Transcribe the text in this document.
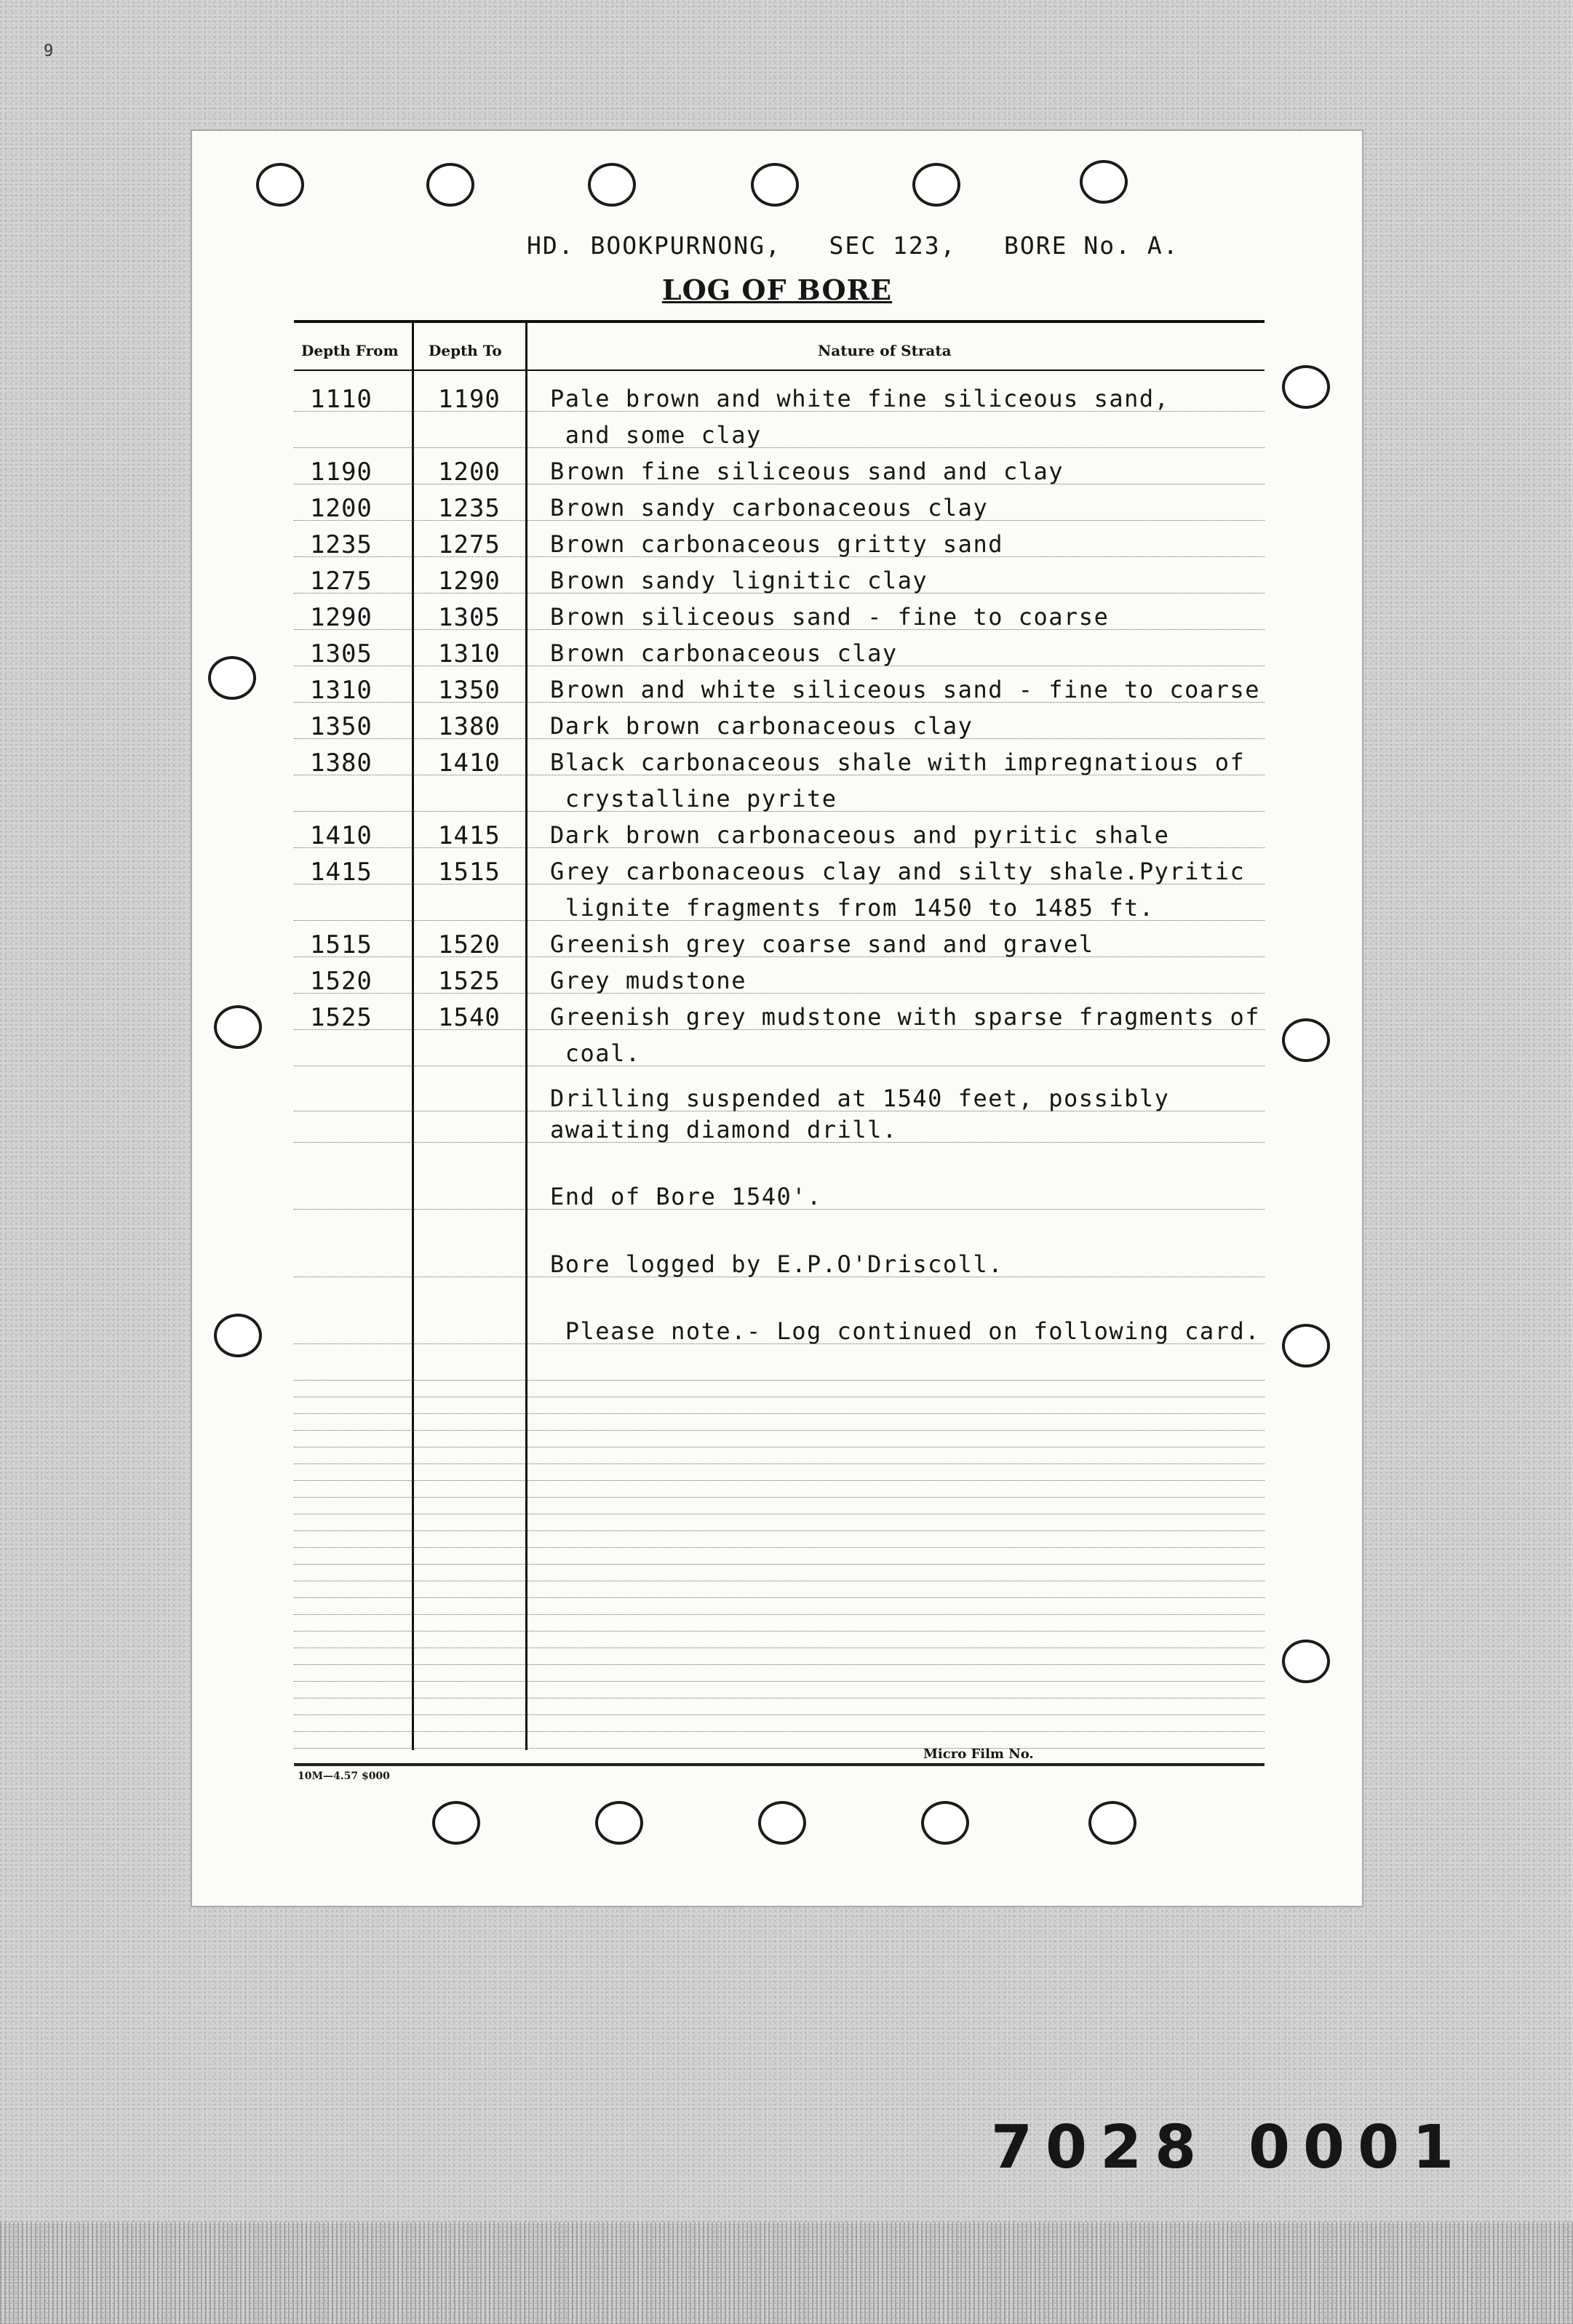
9
HD. BOOKPURNONG,   SEC 123,   BORE No. A.
LOG OF BORE
Depth From Depth To	Nature of Strata
10M—4.57 $000
Micro Film No.
1110	1190 Pale brown and white fine siliceous sand,
and some clay
1190	1200 Brown fine siliceous sand and clay
1200	1235 Brown sandy carbonaceous clay
1235	1275 Brown carbonaceous gritty sand
1275	1290 Brown sandy lignitic clay
1290	1305 Brown siliceous sand - fine to coarse
1305	1310 Brown carbonaceous clay
1310	1350 Brown and white siliceous sand - fine to coarse
1350	1380 Dark brown carbonaceous clay
1380	1410 Black carbonaceous shale with impregnatious of
crystalline pyrite
1410	1415 Dark brown carbonaceous and pyritic shale
1415	1515 Grey carbonaceous clay and silty shale.Pyritic
lignite fragments from 1450 to 1485 ft.
1515	1520 Greenish grey coarse sand and gravel
1520	1525 Grey mudstone
1525	1540 Greenish grey mudstone with sparse fragments of
coal.
Drilling suspended at 1540 feet, possibly
awaiting diamond drill.
End of Bore 1540'.
Bore logged by E.P.O'Driscoll.
Please note.- Log continued on following card.
7028 0001
